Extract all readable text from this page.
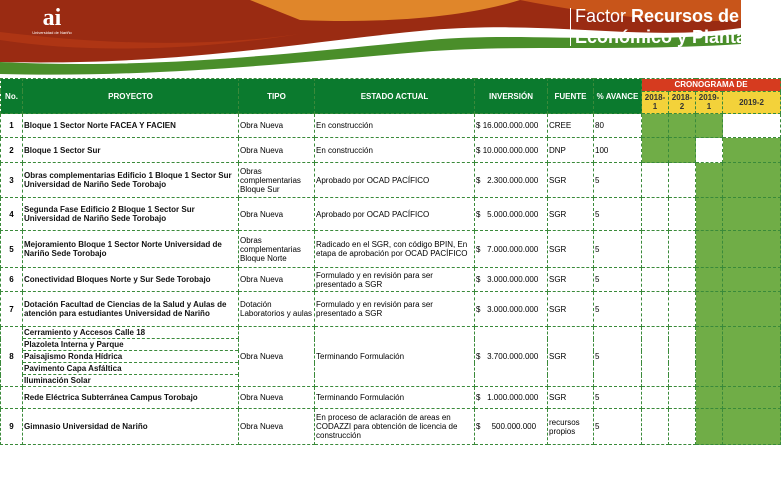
ai
Universidad de Nariño
Factor Recursos de A
Económico y Planta
No.	PROYECTO	TIPO	ESTADO ACTUAL	INVERSIÓN	FUENTE	% AVANCE	CRONOGRAMA DE			
							2018-1	2018-2	2019-1	2019-2
1	Bloque 1 Sector Norte FACEA Y FACIEN	Obra Nueva	En construcción	$ 16.000.000.000	CREE	80				
2	Bloque 1 Sector Sur	Obra Nueva	En construcción	$ 10.000.000.000	DNP	100				
3	Obras complementarias Edificio 1 Bloque 1 Sector Sur Universidad de Nariño Sede Torobajo	Obras complementarias Bloque Sur	Aprobado por OCAD PACÍFICO	$ 2.300.000.000	SGR	5				
4	Segunda Fase Edificio 2 Bloque 1 Sector Sur Universidad de Nariño Sede Torobajo	Obra Nueva	Aprobado por OCAD PACÍFICO	$ 5.000.000.000	SGR	5				
5	Mejoramiento Bloque 1 Sector Norte Universidad de Nariño Sede Torobajo	Obras complementarias Bloque Norte	Radicado en el SGR, con código BPIN, En etapa de aprobación por OCAD PACÍFICO	$ 7.000.000.000	SGR	5				
6	Conectividad Bloques Norte y Sur Sede Torobajo	Obra Nueva	Formulado y en revisión para ser presentado a SGR	$ 3.000.000.000	SGR	5				
7	Dotación Facultad de Ciencias de la Salud y Aulas de atención para estudiantes Universidad de Nariño	Dotación Laboratorios y aulas	Formulado y en revisión para ser presentado a SGR	$ 3.000.000.000	SGR	5				
8	Cerramiento y Accesos Calle 18	Obra Nueva	Terminando Formulación	$ 3.700.000.000	SGR	5				
	Plazoleta Interna y Parque									
	Paisajismo Ronda Hídrica									
	Pavimento Capa Asfáltica									
	Iluminación Solar									
	Rede Eléctrica Subterránea Campus Torobajo	Obra Nueva	Terminando Formulación	$ 1.000.000.000	SGR	5				
9	Gimnasio Universidad de Nariño	Obra Nueva	En proceso de aclaración de areas en CODAZZI para obtención de licencia de construcción	$ 500.000.000	recursos propios	5				
